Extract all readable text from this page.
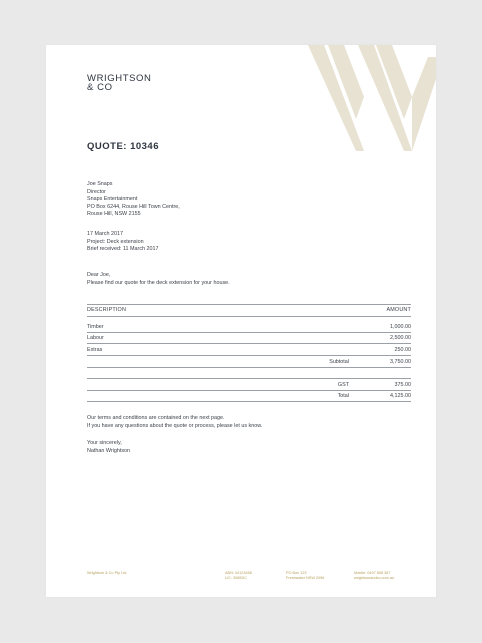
WRIGHTSON
& CO
QUOTE: 10346
Joe Snaps
Director
Snaps Entertainment
PO Box 6244, Rouse Hill Town Centre,
Rouse Hill, NSW 2155
17 March 2017
Project: Deck extension
Brief received: 11 March 2017
Dear Joe,
Please find our quote for the deck extension for your house.
DESCRIPTION	AMOUNT
Timber	1,000.00
Labour	2,500.00
Extras	250.00
Subtotal	3,750.00
GST	375.00
Total	4,125.00
Our terms and conditions are contained on the next page.
If you have any questions about the quote or process, please let us know.
Your sincerely,
Nathan Wrightson
Wrightson & Co Pty Ltd	ABN: 44123456
LIC: 3085DC
PO Box 123
Freshwater NSW 2096
Mobile: 0497 808 387
wrightsonandco.com.au
